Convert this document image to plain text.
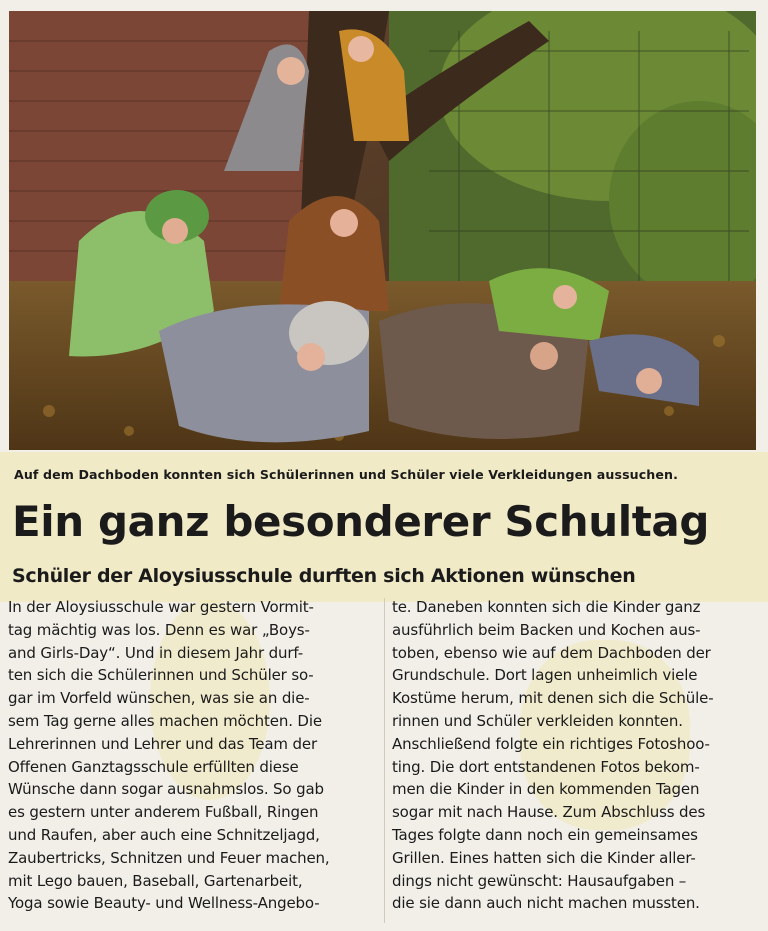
Auf dem Dachboden konnten sich Schülerinnen und Schüler viele Verkleidungen aussuchen.
Ein ganz besonderer Schultag
Schüler der Aloysiusschule durften sich Aktionen wünschen
In der Aloysiusschule war gestern Vormit-
tag mächtig was los. Denn es war „Boys-
and Girls-Day“. Und in diesem Jahr durf-
ten sich die Schülerinnen und Schüler so-
gar im Vorfeld wünschen, was sie an die-
sem Tag gerne alles machen möchten. Die
Lehrerinnen und Lehrer und das Team der
Offenen Ganztagsschule erfüllten diese
Wünsche dann sogar ausnahmslos. So gab
es gestern unter anderem Fußball, Ringen
und Raufen, aber auch eine Schnitzeljagd,
Zaubertricks, Schnitzen und Feuer machen,
mit Lego bauen, Baseball, Gartenarbeit,
Yoga sowie Beauty- und Wellness-Angebo-
te. Daneben konnten sich die Kinder ganz
ausführlich beim Backen und Kochen aus-
toben, ebenso wie auf dem Dachboden der
Grundschule. Dort lagen unheimlich viele
Kostüme herum, mit denen sich die Schüle-
rinnen und Schüler verkleiden konnten.
Anschließend folgte ein richtiges Fotoshoo-
ting. Die dort entstandenen Fotos bekom-
men die Kinder in den kommenden Tagen
sogar mit nach Hause. Zum Abschluss des
Tages folgte dann noch ein gemeinsames
Grillen. Eines hatten sich die Kinder aller-
dings nicht gewünscht: Hausaufgaben –
die sie dann auch nicht machen mussten.
